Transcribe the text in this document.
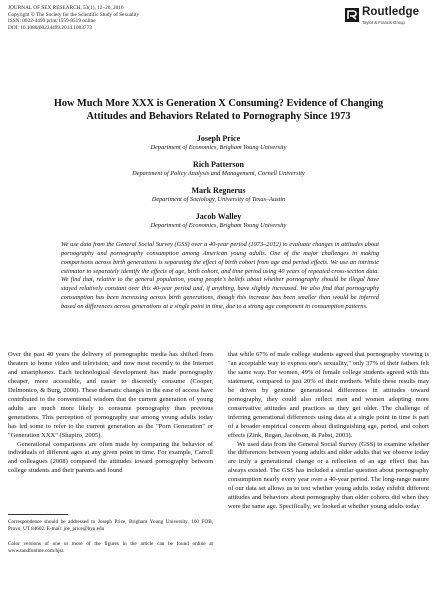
JOURNAL OF SEX RESEARCH, 53(1), 12–20, 2016
Copyright © The Society for the Scientific Study of Sexuality
ISSN: 0022-4499 print/1559-8519 online
DOI: 10.1080/00224499.2014.1003773
Routledge
Taylor & Francis Group
How Much More XXX is Generation X Consuming? Evidence of Changing
Attitudes and Behaviors Related to Pornography Since 1973
Joseph Price
Department of Economics, Brigham Young University
Rich Patterson
Department of Policy Analysis and Management, Cornell University
Mark Regnerus
Department of Sociology, University of Texas–Austin
Jacob Walley
Department of Economics, Brigham Young University
We use data from the General Social Survey (GSS) over a 40-year period (1973–2012) to evaluate changes in attitudes about pornography and pornography consumption among American young adults. One of the major challenges in making comparisons across birth generations is separating the effect of birth cohort from age and period effects. We use an intrinsic estimator to separately identify the effects of age, birth cohort, and time period using 40 years of repeated cross-section data. We find that, relative to the general population, young people's beliefs about whether pornography should be illegal have stayed relatively constant over this 40-year period and, if anything, have slightly increased. We also find that pornography consumption has been increasing across birth generations, though this increase has been smaller than would be inferred based on differences across generations at a single point in time, due to a strong age component in consumption patterns.

Over the past 40 years the delivery of pornographic media has shifted from theaters to home video and television, and now most recently to the Internet and smartphones. Each technological development has made pornography cheaper, more accessible, and easier to discreetly consume (Cooper, Delmonico, & Burg, 2000). These dramatic changes in the ease of access have contributed to the conventional wisdom that the current generation of young adults are much more likely to consume pornography than previous generations. This perception of pornography use among young adults today has led some to refer to the current generation as the "Porn Generation" or "Generation XXX" (Shapiro, 2005).

Generational comparisons are often made by comparing the behavior of individuals of different ages at any given point in time. For example, Carroll and colleagues (2008) compared the attitudes toward pornography between college students and their parents and found

that while 67% of male college students agreed that pornography viewing is "an acceptable way to express one's sexuality," only 37% of their fathers felt the same way. For women, 49% of female college students agreed with this statement, compared to just 20% of their mothers. While these results may be driven by genuine generational differences in attitudes toward pornography, they could also reflect men and women adopting more conservative attitudes and practices as they get older. The challenge of inferring generational differences using data at a single point in time is part of a broader empirical concern about distinguishing age, period, and cohort effects (Zink, Regan, Jacobson, & Pabst, 2003).

We used data from the General Social Survey (GSS) to examine whether the differences between young adults and older adults that we observe today are truly a generational change or a reflection of an age effect that has always existed. The GSS has included a similar question about pornography consumption nearly every year over a 40-year period. The long-range nature of our data set allows us to test whether young adults today exhibit different attitudes and behaviors about pornography than older cohorts did when they were the same age. Specifically, we looked at whether young adults today

Correspondence should be addressed to Joseph Price, Brigham Young University, 160 FOB, Provo, UT 84602. E-mail: joe_price@byu.edu
Color versions of one or more of the figures in the article can be found online at www.tandfonline.com/hjsr.
